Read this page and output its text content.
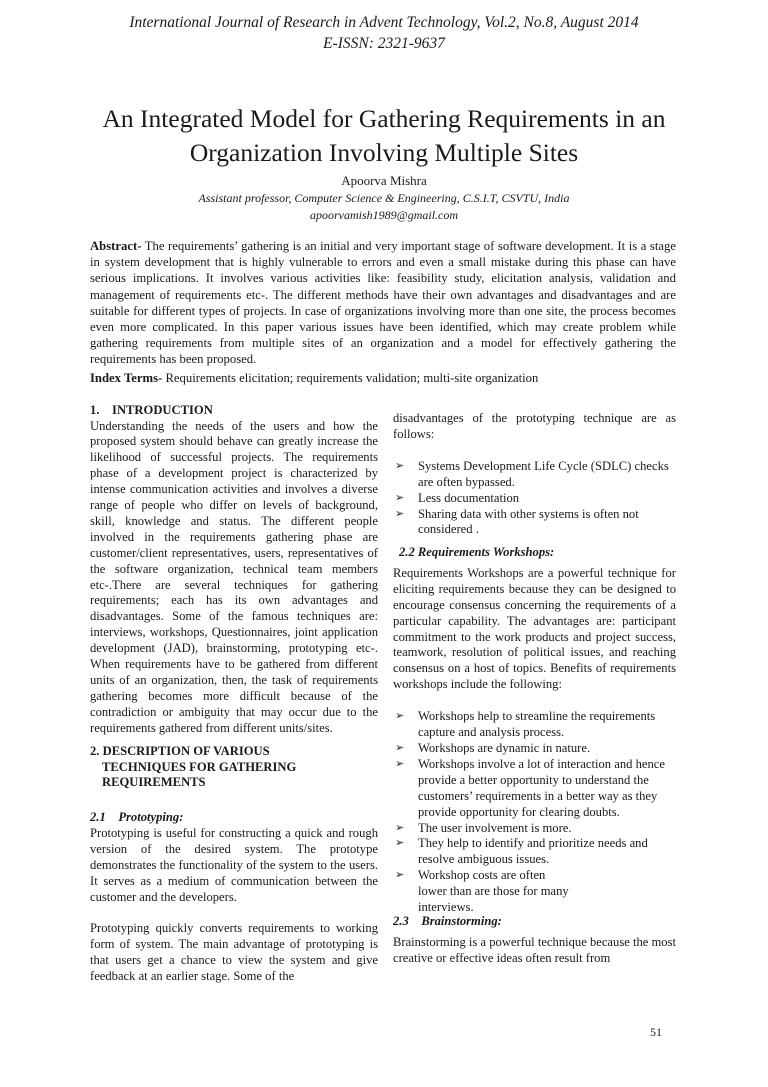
International Journal of Research in Advent Technology, Vol.2, No.8, August 2014
E-ISSN: 2321-9637
An Integrated Model for Gathering Requirements in an
Organization Involving Multiple Sites
Apoorva Mishra
Assistant professor, Computer Science & Engineering, C.S.I.T, CSVTU, India
apoorvamish1989@gmail.com
Abstract- The requirements’ gathering is an initial and very important stage of software development. It is a stage in system development that is highly vulnerable to errors and even a small mistake during this phase can have serious implications. It involves various activities like: feasibility study, elicitation analysis, validation and management of requirements etc-. The different methods have their own advantages and disadvantages and are suitable for different types of projects. In case of organizations involving more than one site, the process becomes even more complicated. In this paper various issues have been identified, which may create problem while gathering requirements from multiple sites of an organization and a model for effectively gathering the requirements has been proposed.
Index Terms- Requirements elicitation; requirements validation; multi-site organization
1.    INTRODUCTION

Understanding the needs of the users and how the proposed system should behave can greatly increase the likelihood of successful projects. The requirements phase of a development project is characterized by intense communication activities and involves a diverse range of people who differ on levels of background, skill, knowledge and status. The different people involved in the requirements gathering phase are customer/client representatives, users, representatives of the software organization, technical team members etc-.There are several techniques for gathering requirements; each has its own advantages and disadvantages. Some of the famous techniques are: interviews, workshops, Questionnaires, joint application development (JAD), brainstorming, prototyping etc-. When requirements have to be gathered from different units of an organization, then, the task of requirements gathering becomes more difficult because of the contradiction or ambiguity that may occur due to the requirements gathered from different units/sites.

2. DESCRIPTION OF VARIOUS
TECHNIQUES FOR GATHERING
REQUIREMENTS
2.1    Prototyping:

Prototyping is useful for constructing a quick and rough version of the desired system. The prototype demonstrates the functionality of the system to the users. It serves as a medium of communication between the customer and the developers.

Prototyping quickly converts requirements to working form of system. The main advantage of prototyping is that users get a chance to view the system and give feedback at an earlier stage. Some of the

disadvantages of the prototyping technique are as follows:

➢ Systems Development Life Cycle (SDLC) checks are often bypassed.
➢ Less documentation
➢ Sharing data with other systems is often not considered .
2.2 Requirements Workshops:

Requirements Workshops are a powerful technique for eliciting requirements because they can be designed to encourage consensus concerning the requirements of a particular capability. The advantages are: participant commitment to the work products and project success, teamwork, resolution of political issues, and reaching consensus on a host of topics. Benefits of requirements workshops include the following:

➢ Workshops help to streamline the requirements capture and analysis process.
➢ Workshops are dynamic in nature.
➢ Workshops involve a lot of interaction and hence provide a better opportunity to understand the customers’ requirements in a better way as they provide opportunity for clearing doubts.
➢ The user involvement is more.
➢ They help to identify and prioritize needs and resolve ambiguous issues.
➢ Workshop costs are often lower than are those for many   interviews.
2.3    Brainstorming:

Brainstorming is a powerful technique because the most creative or effective ideas often result from

51
